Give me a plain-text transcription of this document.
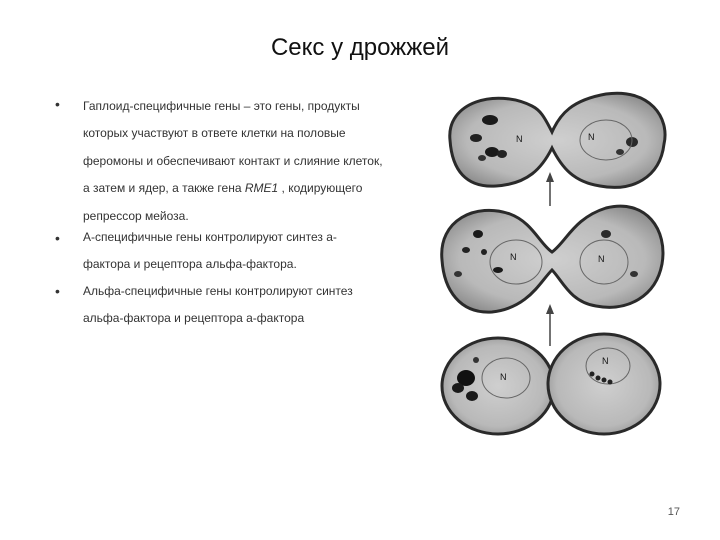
Секс у дрожжей
• Гаплоид-специфичные гены – это гены, продукты которых участвуют в ответе клетки на половые феромоны и обеспечивают контакт и слияние клеток, а затем и ядер, а также гена RME1 , кодирующего репрессор мейоза.
• А-специфичные гены контролируют синтез а-фактора и рецептора альфа-фактора.
• Альфа-специфичные гены контролируют синтез альфа-фактора и рецептора а-фактора
N	N
N	N
N
N
17
